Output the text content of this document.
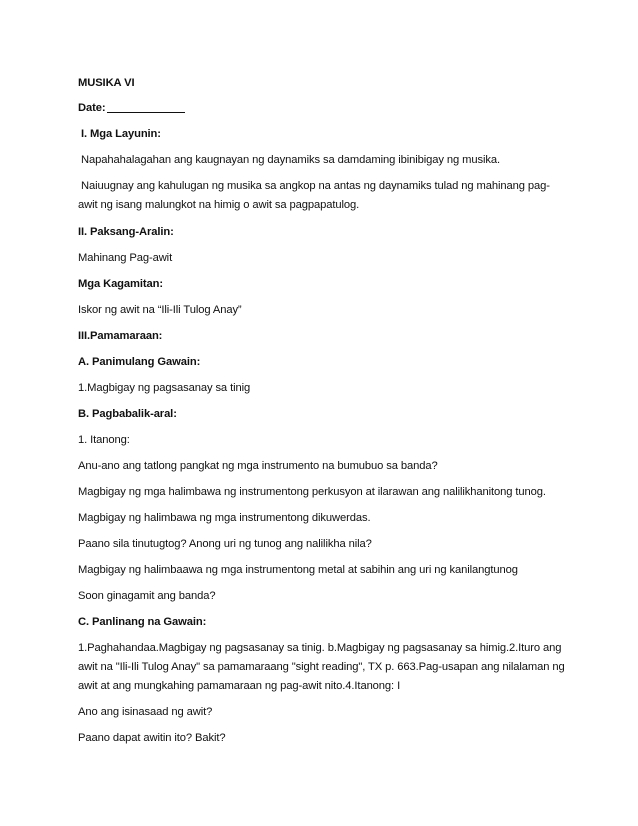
MUSIKA VI

Date:

I. Mga Layunin:

Napahahalagahan ang kaugnayan ng daynamiks sa damdaming ibinibigay ng musika.

Naiuugnay ang kahulugan ng musika sa angkop na antas ng daynamiks tulad ng mahinang pag-awit ng isang malungkot na himig o awit sa pagpapatulog.

II. Paksang-Aralin:

Mahinang Pag-awit

Mga Kagamitan:

Iskor ng awit na “Ili-Ili Tulog Anay”

III.Pamamaraan:

A. Panimulang Gawain:

1.Magbigay ng pagsasanay sa tinig

B. Pagbabalik-aral:

1. Itanong:

Anu-ano ang tatlong pangkat ng mga instrumento na bumubuo sa banda?

Magbigay ng mga halimbawa ng instrumentong perkusyon at ilarawan ang nalilikhanitong tunog.

Magbigay ng halimbawa ng mga instrumentong dikuwerdas.

Paano sila tinutugtog? Anong uri ng tunog ang nalilikha nila?

Magbigay ng halimbaawa ng mga instrumentong metal at sabihin ang uri ng kanilangtunog

Soon ginagamit ang banda?

C. Panlinang na Gawain:

1.Paghahandaa.Magbigay ng pagsasanay sa tinig. b.Magbigay ng pagsasanay sa himig.2.Ituro ang awit na "Ili-Ili Tulog Anay" sa pamamaraang "sight reading", TX p. 663.Pag-usapan ang nilalaman ng awit at ang mungkahing pamamaraan ng pag-awit nito.4.Itanong: I

Ano ang isinasaad ng awit?

Paano dapat awitin ito? Bakit?
